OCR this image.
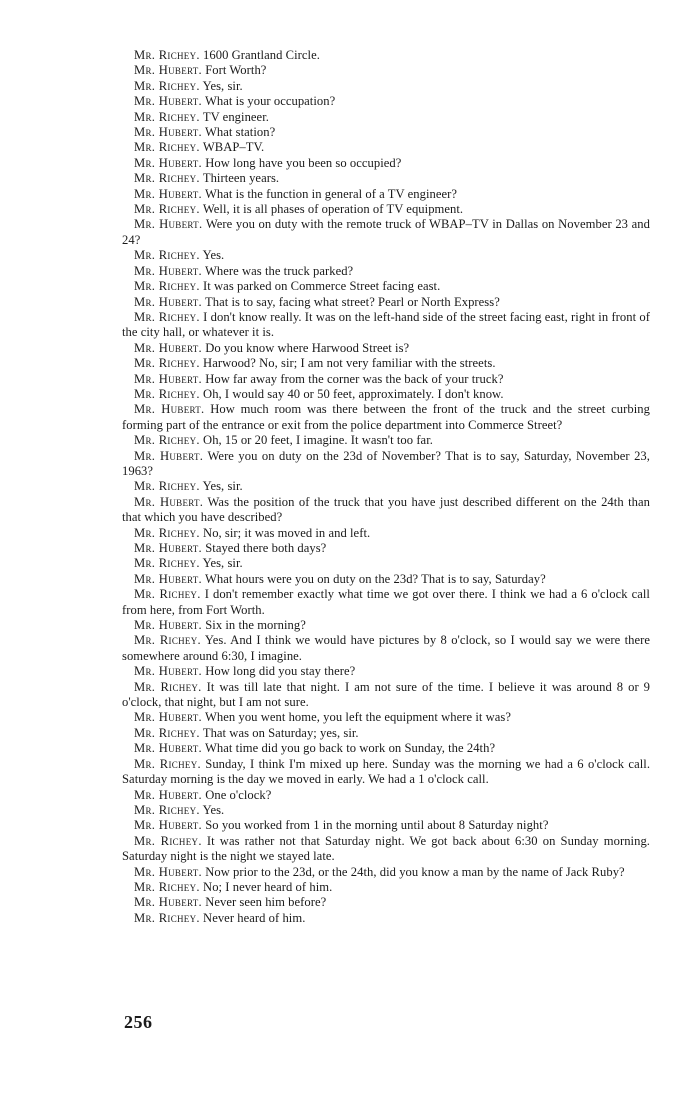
Mr. Richey. 1600 Grantland Circle.

Mr. Hubert. Fort Worth?

Mr. Richey. Yes, sir.

Mr. Hubert. What is your occupation?

Mr. Richey. TV engineer.

Mr. Hubert. What station?

Mr. Richey. WBAP–TV.

Mr. Hubert. How long have you been so occupied?

Mr. Richey. Thirteen years.

Mr. Hubert. What is the function in general of a TV engineer?

Mr. Richey. Well, it is all phases of operation of TV equipment.

Mr. Hubert. Were you on duty with the remote truck of WBAP–TV in Dallas on November 23 and 24?

Mr. Richey. Yes.

Mr. Hubert. Where was the truck parked?

Mr. Richey. It was parked on Commerce Street facing east.

Mr. Hubert. That is to say, facing what street? Pearl or North Express?

Mr. Richey. I don't know really. It was on the left-hand side of the street facing east, right in front of the city hall, or whatever it is.

Mr. Hubert. Do you know where Harwood Street is?

Mr. Richey. Harwood? No, sir; I am not very familiar with the streets.

Mr. Hubert. How far away from the corner was the back of your truck?

Mr. Richey. Oh, I would say 40 or 50 feet, approximately. I don't know.

Mr. Hubert. How much room was there between the front of the truck and the street curbing forming part of the entrance or exit from the police department into Commerce Street?

Mr. Richey. Oh, 15 or 20 feet, I imagine. It wasn't too far.

Mr. Hubert. Were you on duty on the 23d of November? That is to say, Saturday, November 23, 1963?

Mr. Richey. Yes, sir.

Mr. Hubert. Was the position of the truck that you have just described different on the 24th than that which you have described?

Mr. Richey. No, sir; it was moved in and left.

Mr. Hubert. Stayed there both days?

Mr. Richey. Yes, sir.

Mr. Hubert. What hours were you on duty on the 23d? That is to say, Saturday?

Mr. Richey. I don't remember exactly what time we got over there. I think we had a 6 o'clock call from here, from Fort Worth.

Mr. Hubert. Six in the morning?

Mr. Richey. Yes. And I think we would have pictures by 8 o'clock, so I would say we were there somewhere around 6:30, I imagine.

Mr. Hubert. How long did you stay there?

Mr. Richey. It was till late that night. I am not sure of the time. I believe it was around 8 or 9 o'clock, that night, but I am not sure.

Mr. Hubert. When you went home, you left the equipment where it was?

Mr. Richey. That was on Saturday; yes, sir.

Mr. Hubert. What time did you go back to work on Sunday, the 24th?

Mr. Richey. Sunday, I think I'm mixed up here. Sunday was the morning we had a 6 o'clock call. Saturday morning is the day we moved in early. We had a 1 o'clock call.

Mr. Hubert. One o'clock?

Mr. Richey. Yes.

Mr. Hubert. So you worked from 1 in the morning until about 8 Saturday night?

Mr. Richey. It was rather not that Saturday night. We got back about 6:30 on Sunday morning. Saturday night is the night we stayed late.

Mr. Hubert. Now prior to the 23d, or the 24th, did you know a man by the name of Jack Ruby?

Mr. Richey. No; I never heard of him.

Mr. Hubert. Never seen him before?

Mr. Richey. Never heard of him.

256
